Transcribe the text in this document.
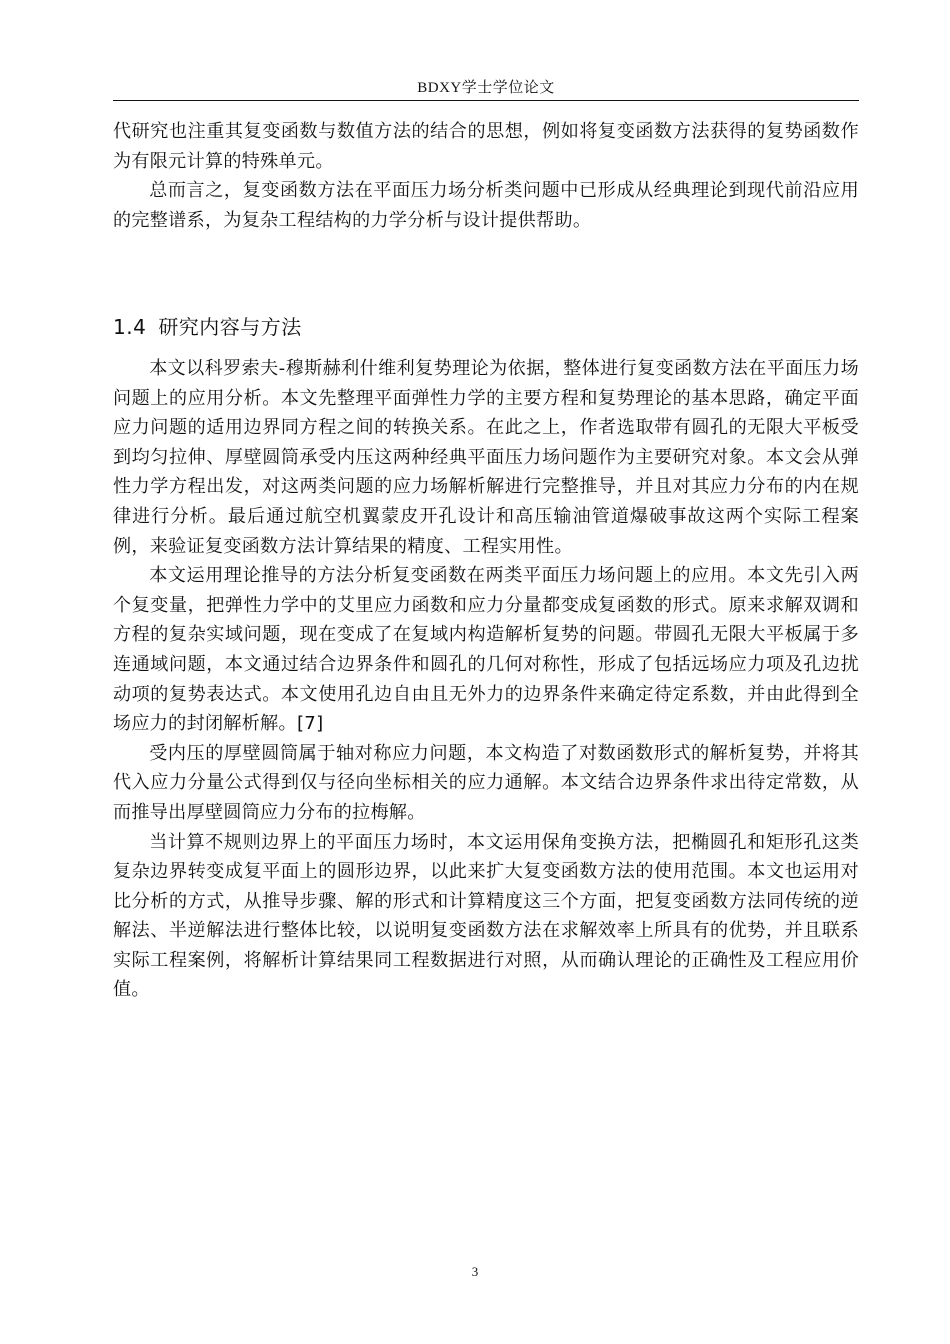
BDXY学士学位论文

代研究也注重其复变函数与数值方法的结合的思想，例如将复变函数方法获得的复势函数作为有限元计算的特殊单元。

总而言之，复变函数方法在平面压力场分析类问题中已形成从经典理论到现代前沿应用的完整谱系，为复杂工程结构的力学分析与设计提供帮助。

1.4 研究内容与方法

本文以科罗索夫-穆斯赫利什维利复势理论为依据，整体进行复变函数方法在平面压力场问题上的应用分析。本文先整理平面弹性力学的主要方程和复势理论的基本思路，确定平面应力问题的适用边界同方程之间的转换关系。在此之上，作者选取带有圆孔的无限大平板受到均匀拉伸、厚壁圆筒承受内压这两种经典平面压力场问题作为主要研究对象。本文会从弹性力学方程出发，对这两类问题的应力场解析解进行完整推导，并且对其应力分布的内在规律进行分析。最后通过航空机翼蒙皮开孔设计和高压输油管道爆破事故这两个实际工程案例，来验证复变函数方法计算结果的精度、工程实用性。

本文运用理论推导的方法分析复变函数在两类平面压力场问题上的应用。本文先引入两个复变量，把弹性力学中的艾里应力函数和应力分量都变成复函数的形式。原来求解双调和方程的复杂实域问题，现在变成了在复域内构造解析复势的问题。带圆孔无限大平板属于多连通域问题，本文通过结合边界条件和圆孔的几何对称性，形成了包括远场应力项及孔边扰动项的复势表达式。本文使用孔边自由且无外力的边界条件来确定待定系数，并由此得到全场应力的封闭解析解。[7]

受内压的厚壁圆筒属于轴对称应力问题，本文构造了对数函数形式的解析复势，并将其代入应力分量公式得到仅与径向坐标相关的应力通解。本文结合边界条件求出待定常数，从而推导出厚壁圆筒应力分布的拉梅解。

当计算不规则边界上的平面压力场时，本文运用保角变换方法，把椭圆孔和矩形孔这类复杂边界转变成复平面上的圆形边界，以此来扩大复变函数方法的使用范围。本文也运用对比分析的方式，从推导步骤、解的形式和计算精度这三个方面，把复变函数方法同传统的逆解法、半逆解法进行整体比较，以说明复变函数方法在求解效率上所具有的优势，并且联系实际工程案例，将解析计算结果同工程数据进行对照，从而确认理论的正确性及工程应用价值。

3
